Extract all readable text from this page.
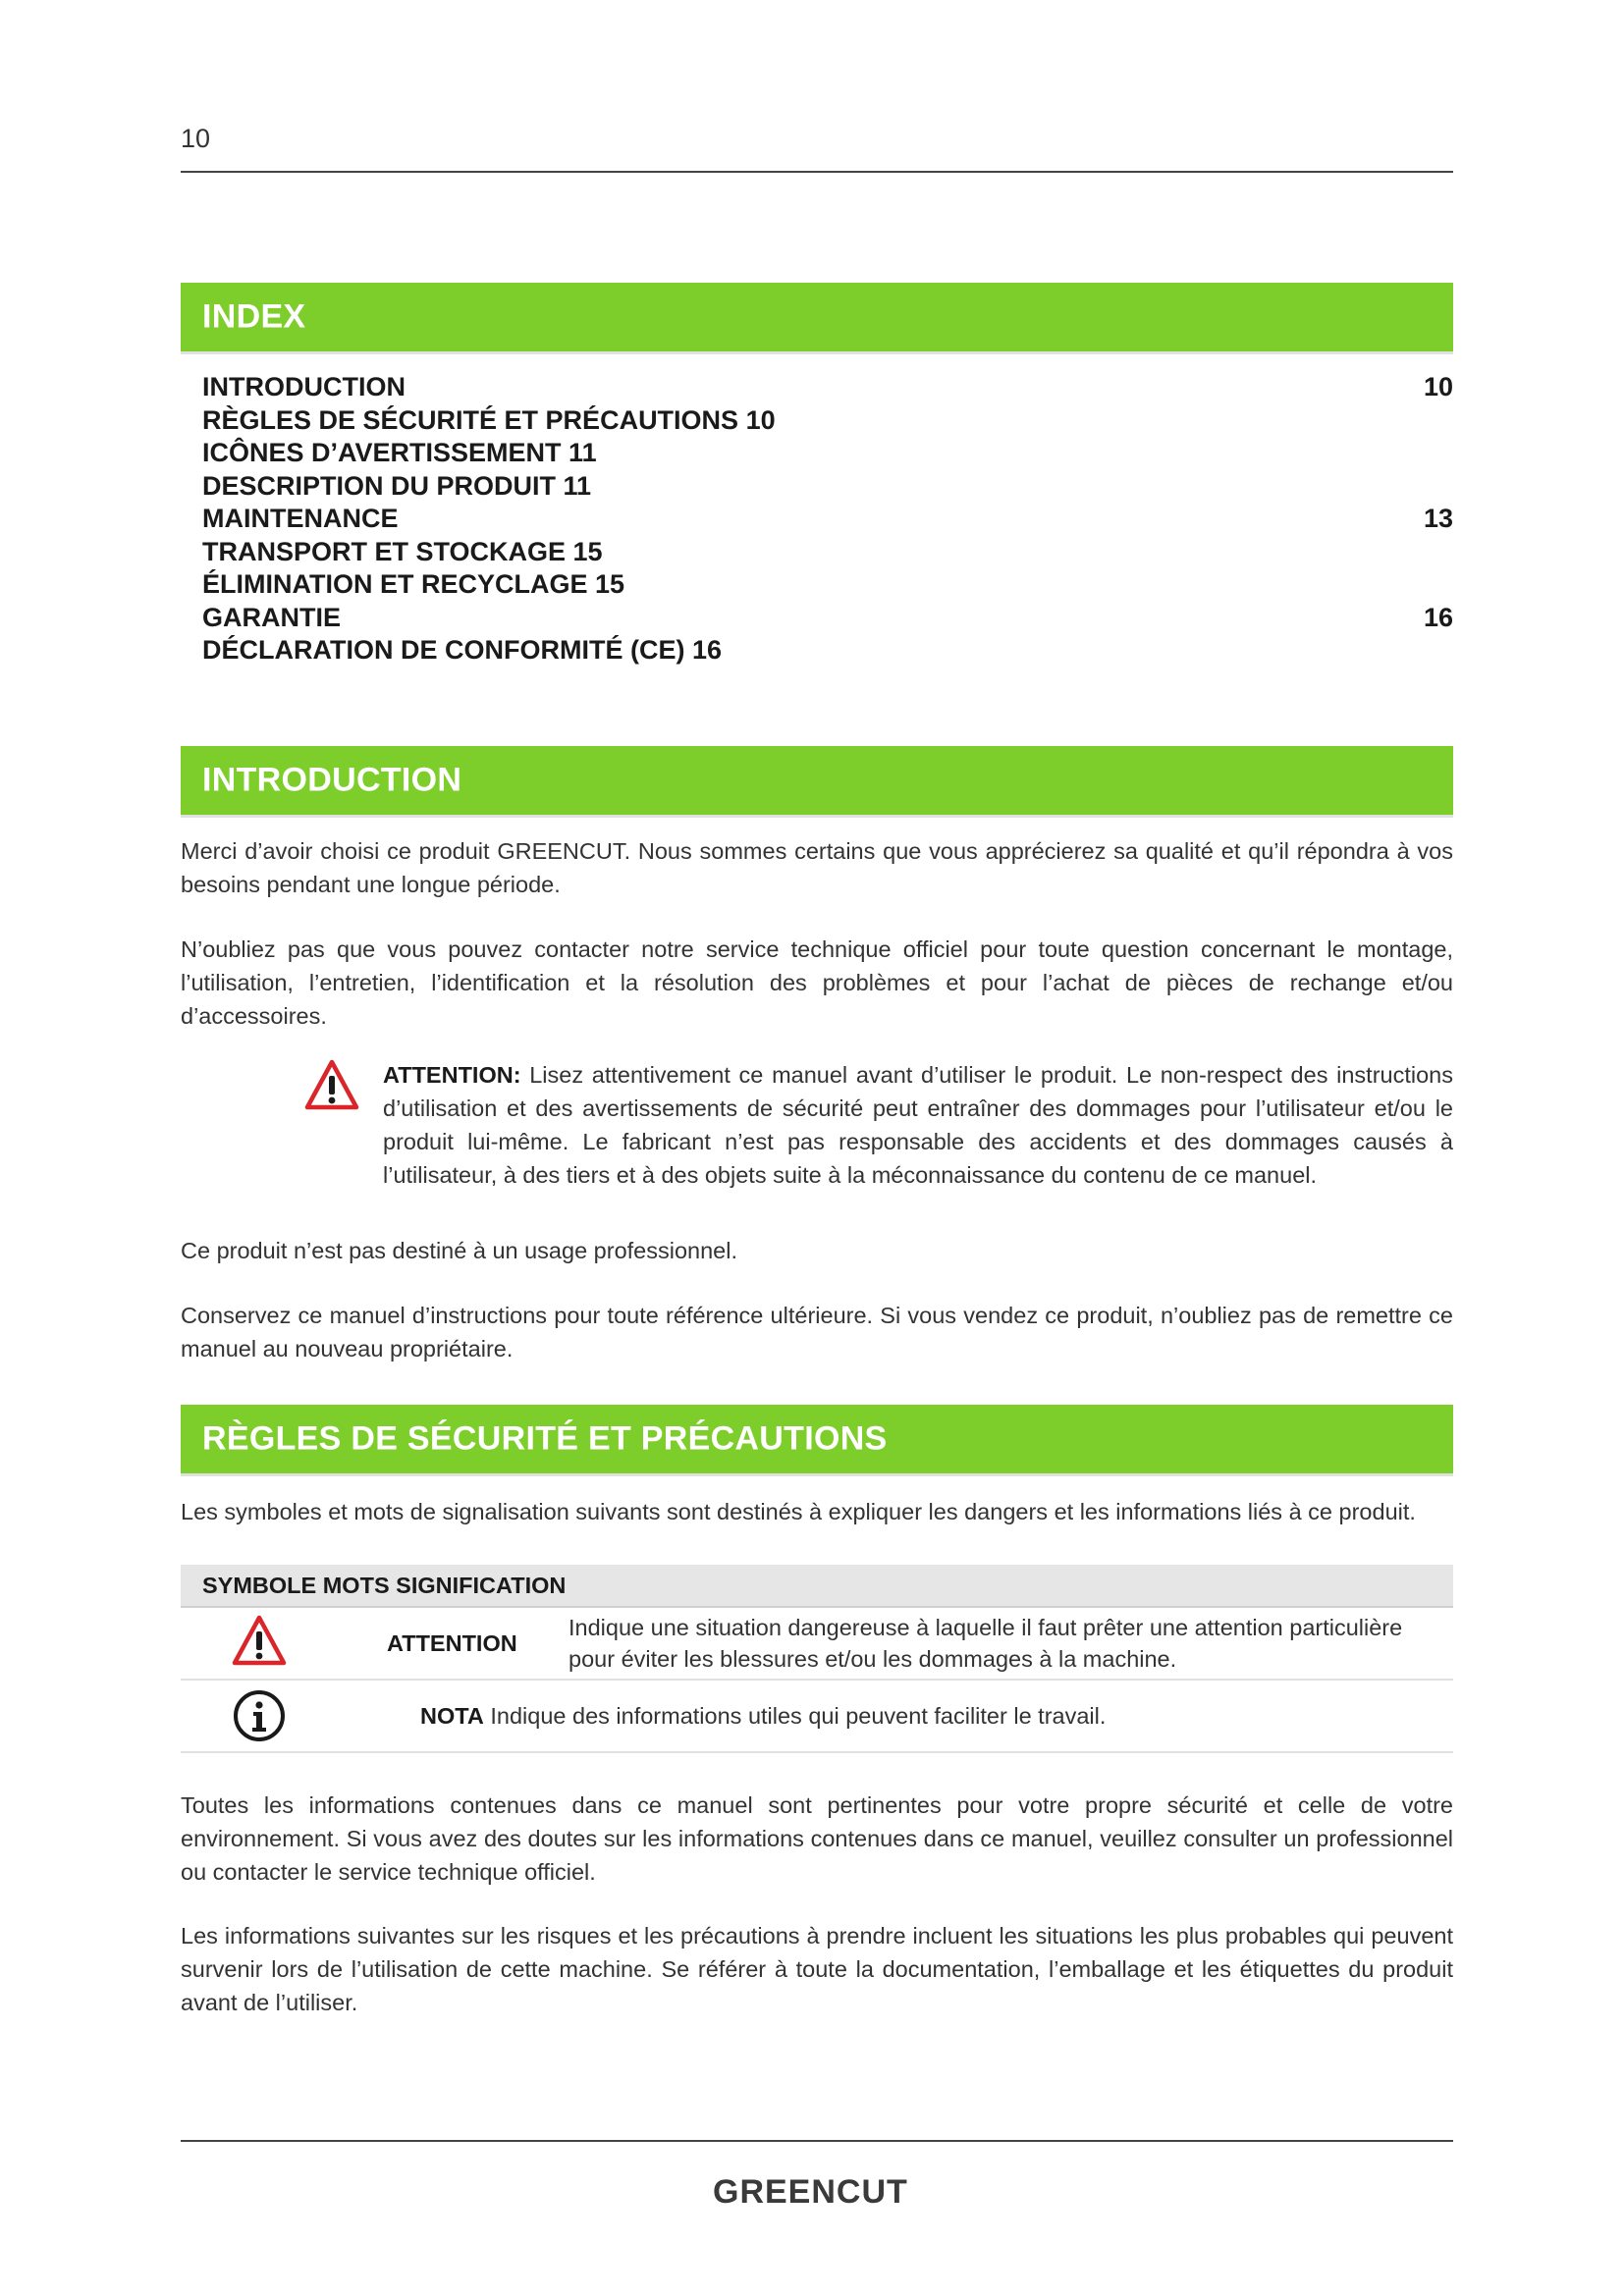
10
INDEX
INTRODUCTION	10
RÈGLES DE SÉCURITÉ ET PRÉCAUTIONS 10
ICÔNES D’AVERTISSEMENT 11
DESCRIPTION DU PRODUIT 11
MAINTENANCE	13
TRANSPORT ET STOCKAGE 15
ÉLIMINATION ET RECYCLAGE 15
GARANTIE	16
DÉCLARATION DE CONFORMITÉ (CE) 16
INTRODUCTION
Merci d’avoir choisi ce produit GREENCUT. Nous sommes certains que vous apprécierez sa qualité et qu’il répondra à vos besoins pendant une longue période.
N’oubliez pas que vous pouvez contacter notre service technique officiel pour toute question concernant le montage, l’utilisation, l’entretien, l’identification et la résolution des problèmes et pour l’achat de pièces de rechange et/ou d’accessoires.
ATTENTION: Lisez attentivement ce manuel avant d’utiliser le produit. Le non-respect des instructions d’utilisation et des avertissements de sécurité peut entraîner des dommages pour l’utilisateur et/ou le produit lui-même. Le fabricant n’est pas responsable des accidents et des dommages causés à l’utilisateur, à des tiers et à des objets suite à la méconnaissance du contenu de ce manuel.
Ce produit n’est pas destiné à un usage professionnel.
Conservez ce manuel d’instructions pour toute référence ultérieure. Si vous vendez ce produit, n’oubliez pas de remettre ce manuel au nouveau propriétaire.
RÈGLES DE SÉCURITÉ ET PRÉCAUTIONS
Les symboles et mots de signalisation suivants sont destinés à expliquer les dangers et les informations liés à ce produit.
SYMBOLE MOTS SIGNIFICATION
ATTENTION
Indique une situation dangereuse à laquelle il faut prêter une attention particulière pour éviter les blessures et/ou les dommages à la machine.
NOTA Indique des informations utiles qui peuvent faciliter le travail.
Toutes les informations contenues dans ce manuel sont pertinentes pour votre propre sécurité et celle de votre environnement. Si vous avez des doutes sur les informations contenues dans ce manuel, veuillez consulter un professionnel ou contacter le service technique officiel.
Les informations suivantes sur les risques et les précautions à prendre incluent les situations les plus probables qui peuvent survenir lors de l’utilisation de cette machine. Se référer à toute la documentation, l’emballage et les étiquettes du produit avant de l’utiliser.
GREENCUT
